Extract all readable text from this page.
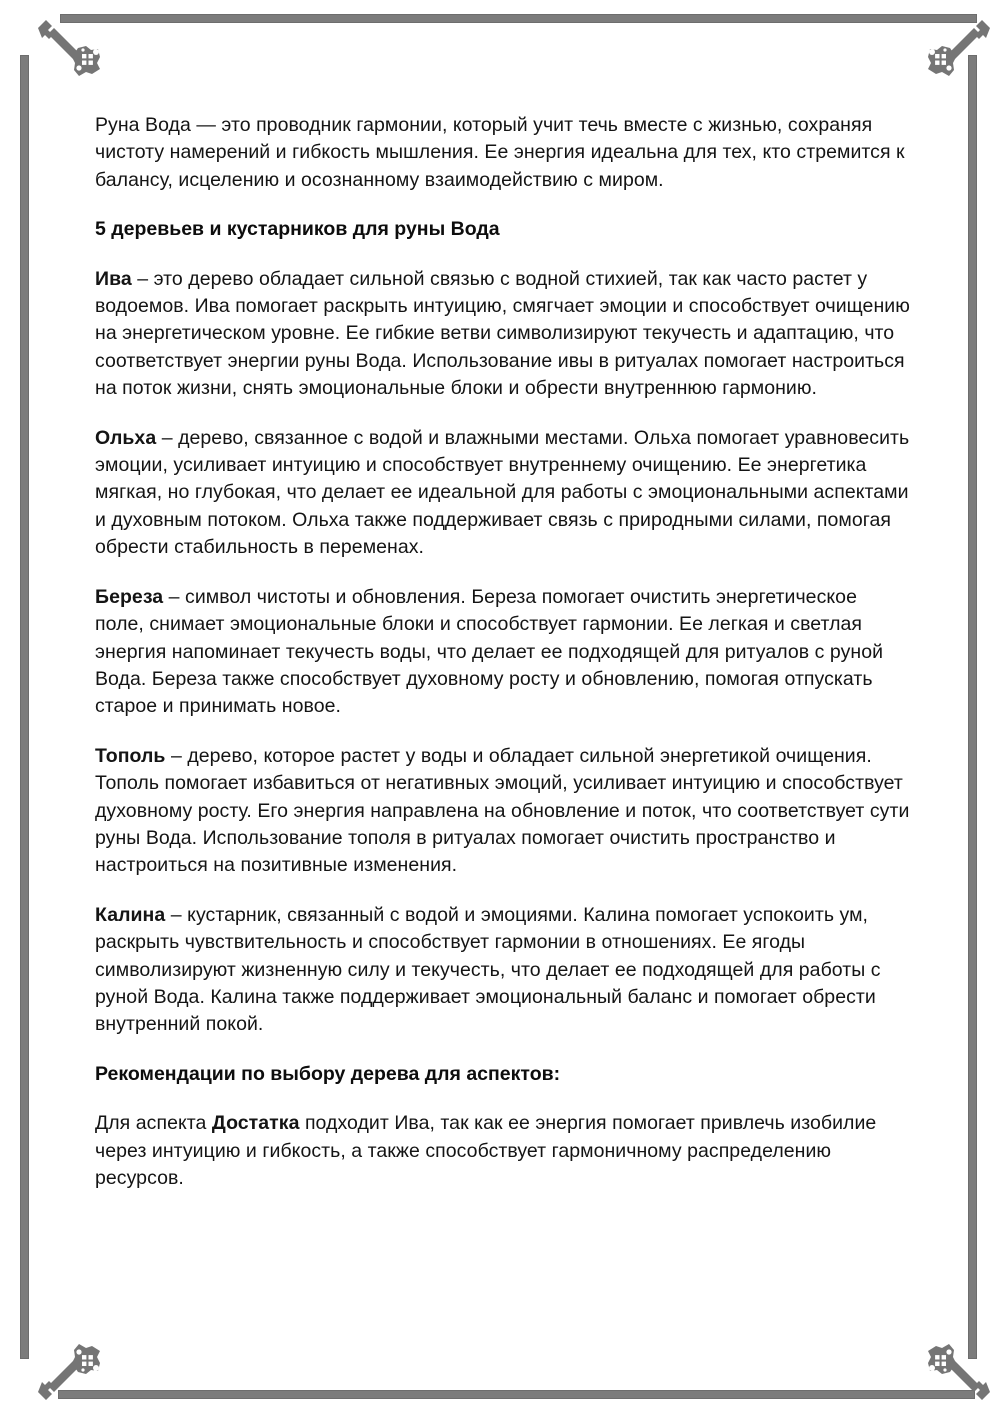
Руна Вода — это проводник гармонии, который учит течь вместе с жизнью, сохраняя чистоту намерений и гибкость мышления. Ее энергия идеальна для тех, кто стремится к балансу, исцелению и осознанному взаимодействию с миром.

5 деревьев и кустарников для руны Вода

Ива – это дерево обладает сильной связью с водной стихией, так как часто растет у водоемов. Ива помогает раскрыть интуицию, смягчает эмоции и способствует очищению на энергетическом уровне. Ее гибкие ветви символизируют текучесть и адаптацию, что соответствует энергии руны Вода. Использование ивы в ритуалах помогает настроиться на поток жизни, снять эмоциональные блоки и обрести внутреннюю гармонию.

Ольха – дерево, связанное с водой и влажными местами. Ольха помогает уравновесить эмоции, усиливает интуицию и способствует внутреннему очищению. Ее энергетика мягкая, но глубокая, что делает ее идеальной для работы с эмоциональными аспектами и духовным потоком. Ольха также поддерживает связь с природными силами, помогая обрести стабильность в переменах.

Береза – символ чистоты и обновления. Береза помогает очистить энергетическое поле, снимает эмоциональные блоки и способствует гармонии. Ее легкая и светлая энергия напоминает текучесть воды, что делает ее подходящей для ритуалов с руной Вода. Береза также способствует духовному росту и обновлению, помогая отпускать старое и принимать новое.

Тополь – дерево, которое растет у воды и обладает сильной энергетикой очищения. Тополь помогает избавиться от негативных эмоций, усиливает интуицию и способствует духовному росту. Его энергия направлена на обновление и поток, что соответствует сути руны Вода. Использование тополя в ритуалах помогает очистить пространство и настроиться на позитивные изменения.

Калина – кустарник, связанный с водой и эмоциями. Калина помогает успокоить ум, раскрыть чувствительность и способствует гармонии в отношениях. Ее ягоды символизируют жизненную силу и текучесть, что делает ее подходящей для работы с руной Вода. Калина также поддерживает эмоциональный баланс и помогает обрести внутренний покой.

Рекомендации по выбору дерева для аспектов:

Для аспекта Достатка подходит Ива, так как ее энергия помогает привлечь изобилие через интуицию и гибкость, а также способствует гармоничному распределению ресурсов.
